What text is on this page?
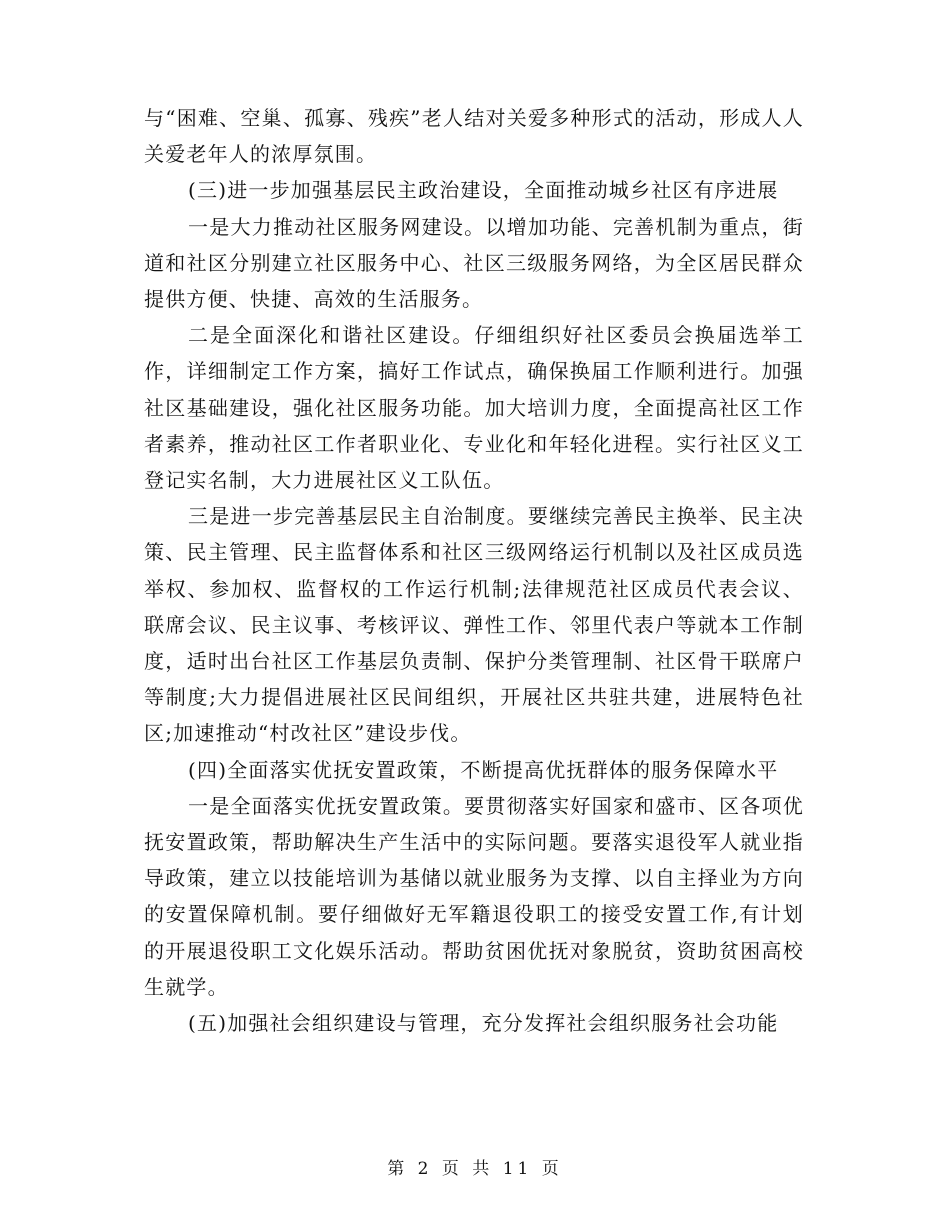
与“困难、空巢、孤寡、残疾”老人结对关爱多种形式的活动，形成人人关爱老年人的浓厚氛围。

(三)进一步加强基层民主政治建设，全面推动城乡社区有序进展

一是大力推动社区服务网建设。以增加功能、完善机制为重点，街道和社区分别建立社区服务中心、社区三级服务网络，为全区居民群众提供方便、快捷、高效的生活服务。

二是全面深化和谐社区建设。仔细组织好社区委员会换届选举工作，详细制定工作方案，搞好工作试点，确保换届工作顺利进行。加强社区基础建设，强化社区服务功能。加大培训力度，全面提高社区工作者素养，推动社区工作者职业化、专业化和年轻化进程。实行社区义工登记实名制，大力进展社区义工队伍。

三是进一步完善基层民主自治制度。要继续完善民主换举、民主决策、民主管理、民主监督体系和社区三级网络运行机制以及社区成员选举权、参加权、监督权的工作运行机制;法律规范社区成员代表会议、联席会议、民主议事、考核评议、弹性工作、邻里代表户等就本工作制度，适时出台社区工作基层负责制、保护分类管理制、社区骨干联席户等制度;大力提倡进展社区民间组织，开展社区共驻共建，进展特色社区;加速推动“村改社区”建设步伐。

(四)全面落实优抚安置政策，不断提高优抚群体的服务保障水平

一是全面落实优抚安置政策。要贯彻落实好国家和盛市、区各项优抚安置政策，帮助解决生产生活中的实际问题。要落实退役军人就业指导政策，建立以技能培训为基储以就业服务为支撑、以自主择业为方向的安置保障机制。要仔细做好无军籍退役职工的接受安置工作,有计划的开展退役职工文化娱乐活动。帮助贫困优抚对象脱贫，资助贫困高校生就学。

(五)加强社会组织建设与管理，充分发挥社会组织服务社会功能

第 2 页 共 11 页
